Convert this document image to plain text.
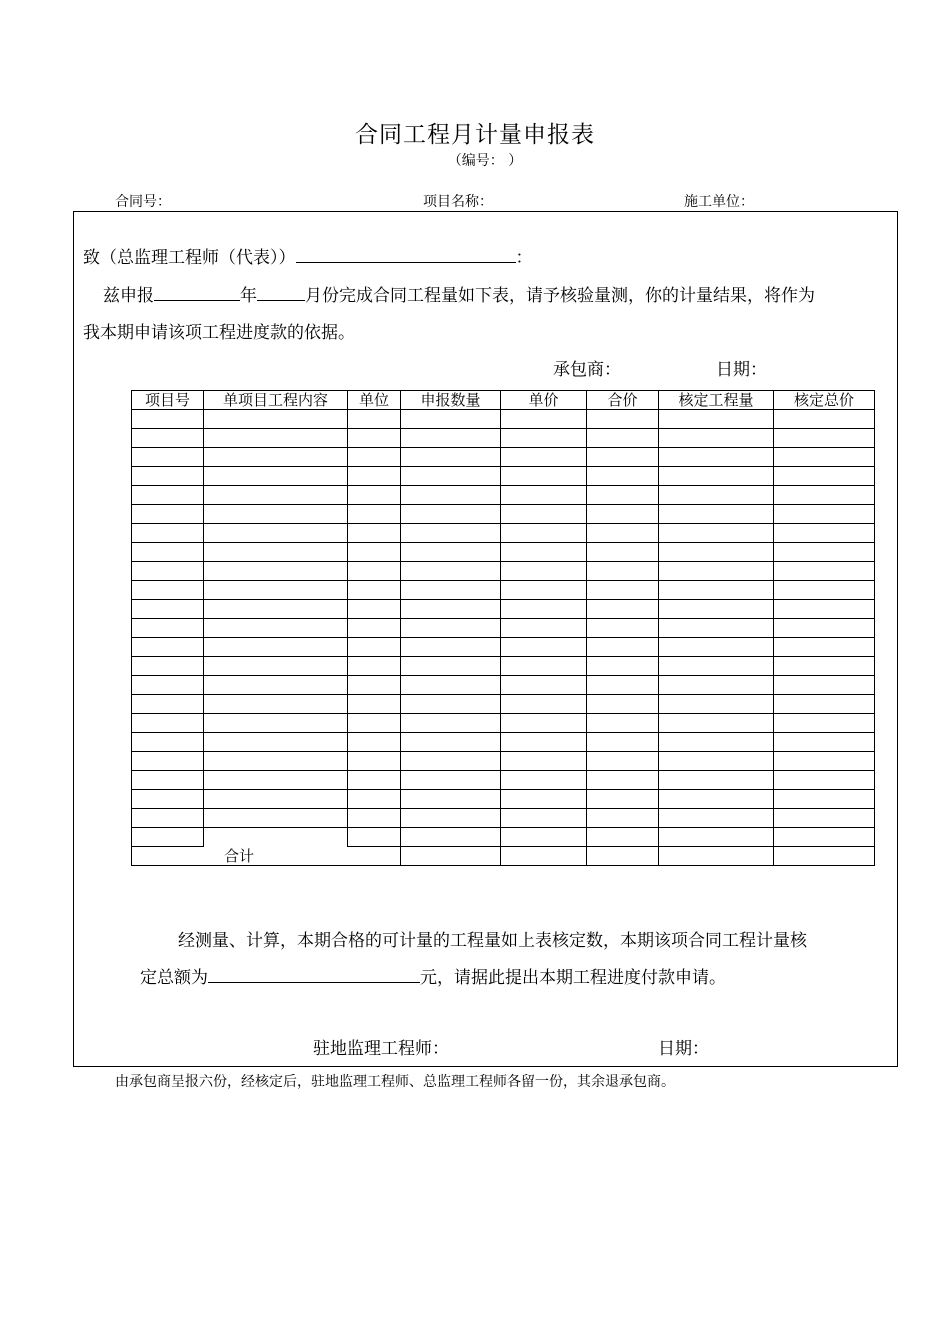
合同工程月计量申报表
（编号： ）
合同号：	项目名称：	施工单位：
致（总监理工程师（代表））	：
兹申报	年	月份完成合同工程量如下表，请予核验量测，你的计量结果，将作为
我本期申请该项工程进度款的依据。
承包商：	日期：
项目号	单项目工程内容	单位	申报数量	单价	合价	核定工程量	核定总价

合计							
经测量、计算，本期合格的可计量的工程量如上表核定数，本期该项合同工程计量核
定总额为	元，请据此提出本期工程进度付款申请。
驻地监理工程师：	日期：
由承包商呈报六份，经核定后，驻地监理工程师、总监理工程师各留一份，其余退承包商。
